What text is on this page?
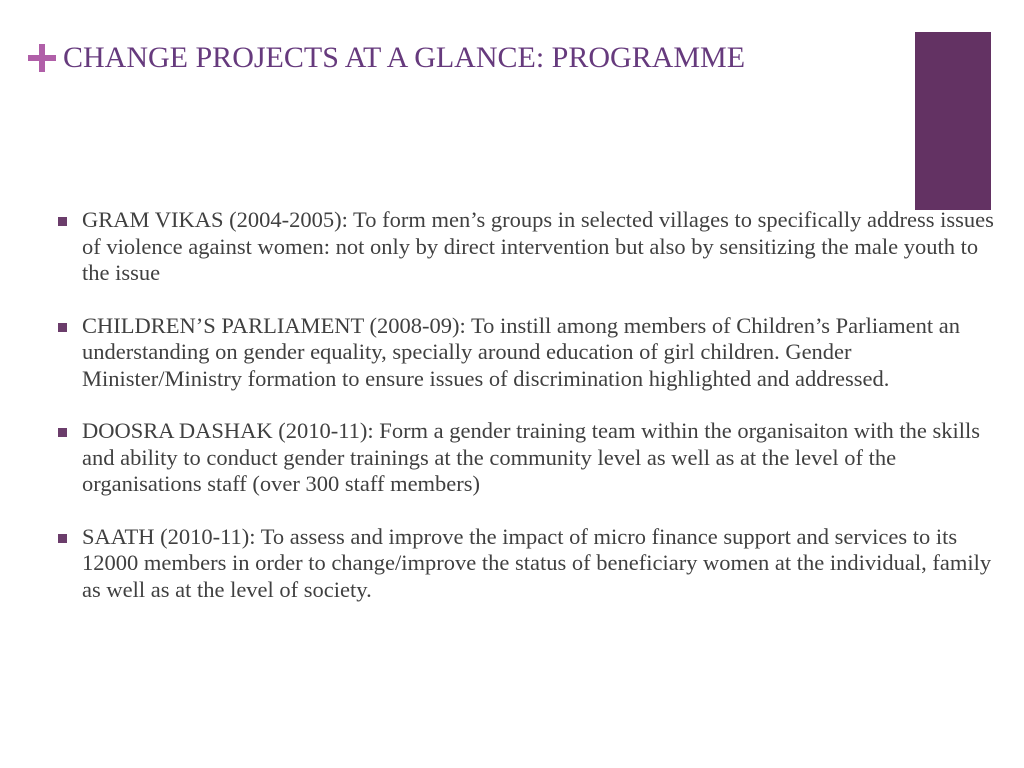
CHANGE PROJECTS AT A GLANCE: PROGRAMME
GRAM VIKAS (2004-2005): To form men’s groups in selected villages to specifically address issues of violence against women: not only by direct intervention but also by sensitizing the male youth to the issue
CHILDREN’S PARLIAMENT (2008-09): To instill among members of Children’s Parliament an understanding on gender equality, specially around education of girl children. Gender Minister/Ministry formation to ensure issues of discrimination highlighted and addressed.
DOOSRA DASHAK (2010-11): Form a gender training team within the organisaiton with the skills and ability to conduct gender trainings at the community level as well as at the level of the organisations staff (over 300 staff members)
SAATH (2010-11): To assess and improve the impact of micro finance support and services to its 12000 members in order to change/improve the status of beneficiary women at the individual, family as well as at the level of society.
